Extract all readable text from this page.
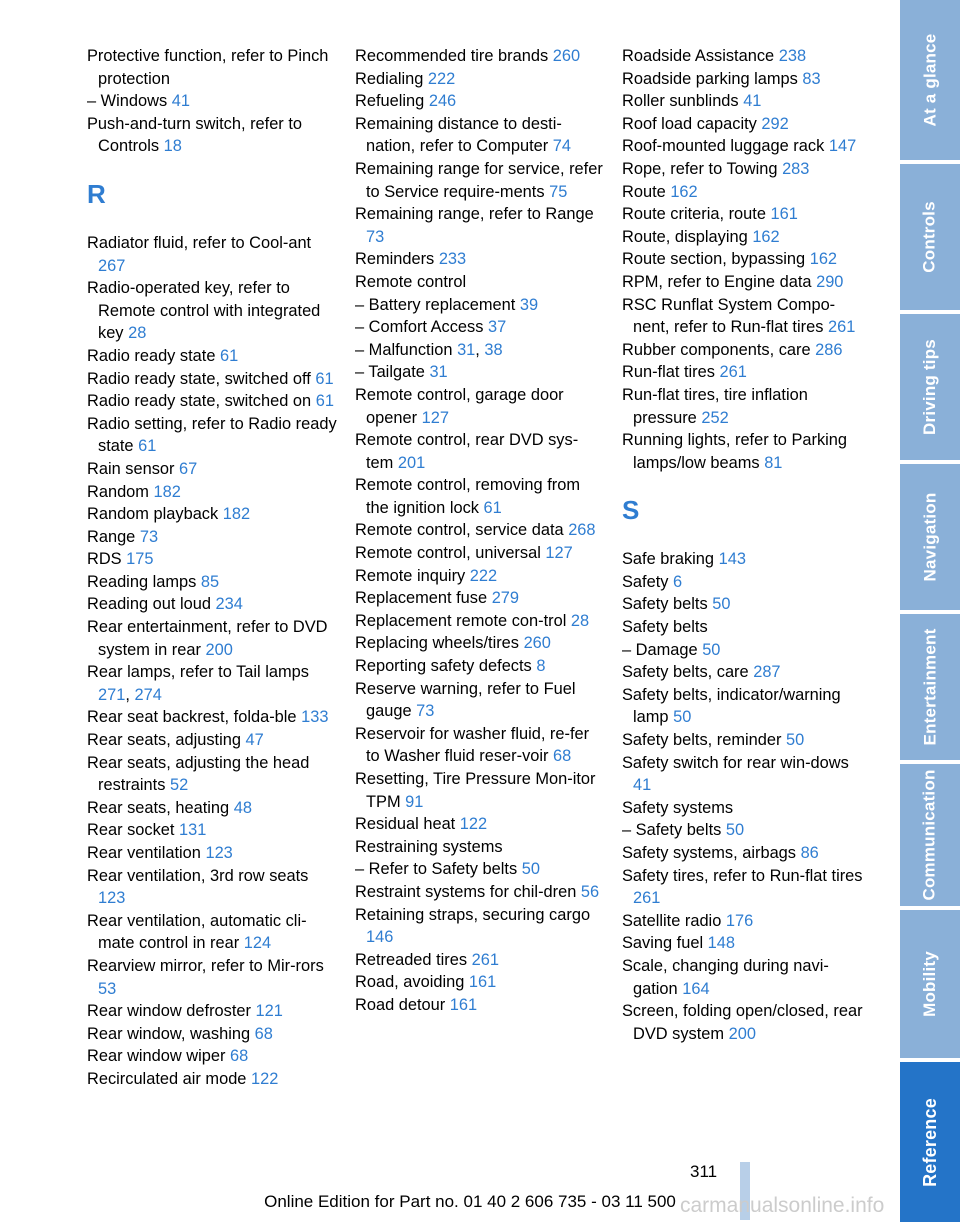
Protective function, refer to Pinch protection
– Windows 41
Push-and-turn switch, refer to Controls 18
R
Radiator fluid, refer to Cool-ant 267
Radio-operated key, refer to Remote control with integrated key 28
Radio ready state 61
Radio ready state, switched off 61
Radio ready state, switched on 61
Radio setting, refer to Radio ready state 61
Rain sensor 67
Random 182
Random playback 182
Range 73
RDS 175
Reading lamps 85
Reading out loud 234
Rear entertainment, refer to DVD system in rear 200
Rear lamps, refer to Tail lamps 271, 274
Rear seat backrest, folda-ble 133
Rear seats, adjusting 47
Rear seats, adjusting the head restraints 52
Rear seats, heating 48
Rear socket 131
Rear ventilation 123
Rear ventilation, 3rd row seats 123
Rear ventilation, automatic cli-mate control in rear 124
Rearview mirror, refer to Mir-rors 53
Rear window defroster 121
Rear window, washing 68
Rear window wiper 68
Recirculated air mode 122
Recommended tire brands 260
Redialing 222
Refueling 246
Remaining distance to desti-nation, refer to Computer 74
Remaining range for service, refer to Service require-ments 75
Remaining range, refer to Range 73
Reminders 233
Remote control
– Battery replacement 39
– Comfort Access 37
– Malfunction 31, 38
– Tailgate 31
Remote control, garage door opener 127
Remote control, rear DVD sys-tem 201
Remote control, removing from the ignition lock 61
Remote control, service data 268
Remote control, universal 127
Remote inquiry 222
Replacement fuse 279
Replacement remote con-trol 28
Replacing wheels/tires 260
Reporting safety defects 8
Reserve warning, refer to Fuel gauge 73
Reservoir for washer fluid, re-fer to Washer fluid reser-voir 68
Resetting, Tire Pressure Mon-itor TPM 91
Residual heat 122
Restraining systems
– Refer to Safety belts 50
Restraint systems for chil-dren 56
Retaining straps, securing cargo 146
Retreaded tires 261
Road, avoiding 161
Road detour 161
Roadside Assistance 238
Roadside parking lamps 83
Roller sunblinds 41
Roof load capacity 292
Roof-mounted luggage rack 147
Rope, refer to Towing 283
Route 162
Route criteria, route 161
Route, displaying 162
Route section, bypassing 162
RPM, refer to Engine data 290
RSC Runflat System Compo-nent, refer to Run-flat tires 261
Rubber components, care 286
Run-flat tires 261
Run-flat tires, tire inflation pressure 252
Running lights, refer to Parking lamps/low beams 81
S
Safe braking 143
Safety 6
Safety belts 50
Safety belts
– Damage 50
Safety belts, care 287
Safety belts, indicator/warning lamp 50
Safety belts, reminder 50
Safety switch for rear win-dows 41
Safety systems
– Safety belts 50
Safety systems, airbags 86
Safety tires, refer to Run-flat tires 261
Satellite radio 176
Saving fuel 148
Scale, changing during navi-gation 164
Screen, folding open/closed, rear DVD system 200
At a glance
Controls
Driving tips
Navigation
Entertainment
Communication
Mobility
Reference
311
Online Edition for Part no. 01 40 2 606 735 - 03 11 500 carmanualsonline.info
